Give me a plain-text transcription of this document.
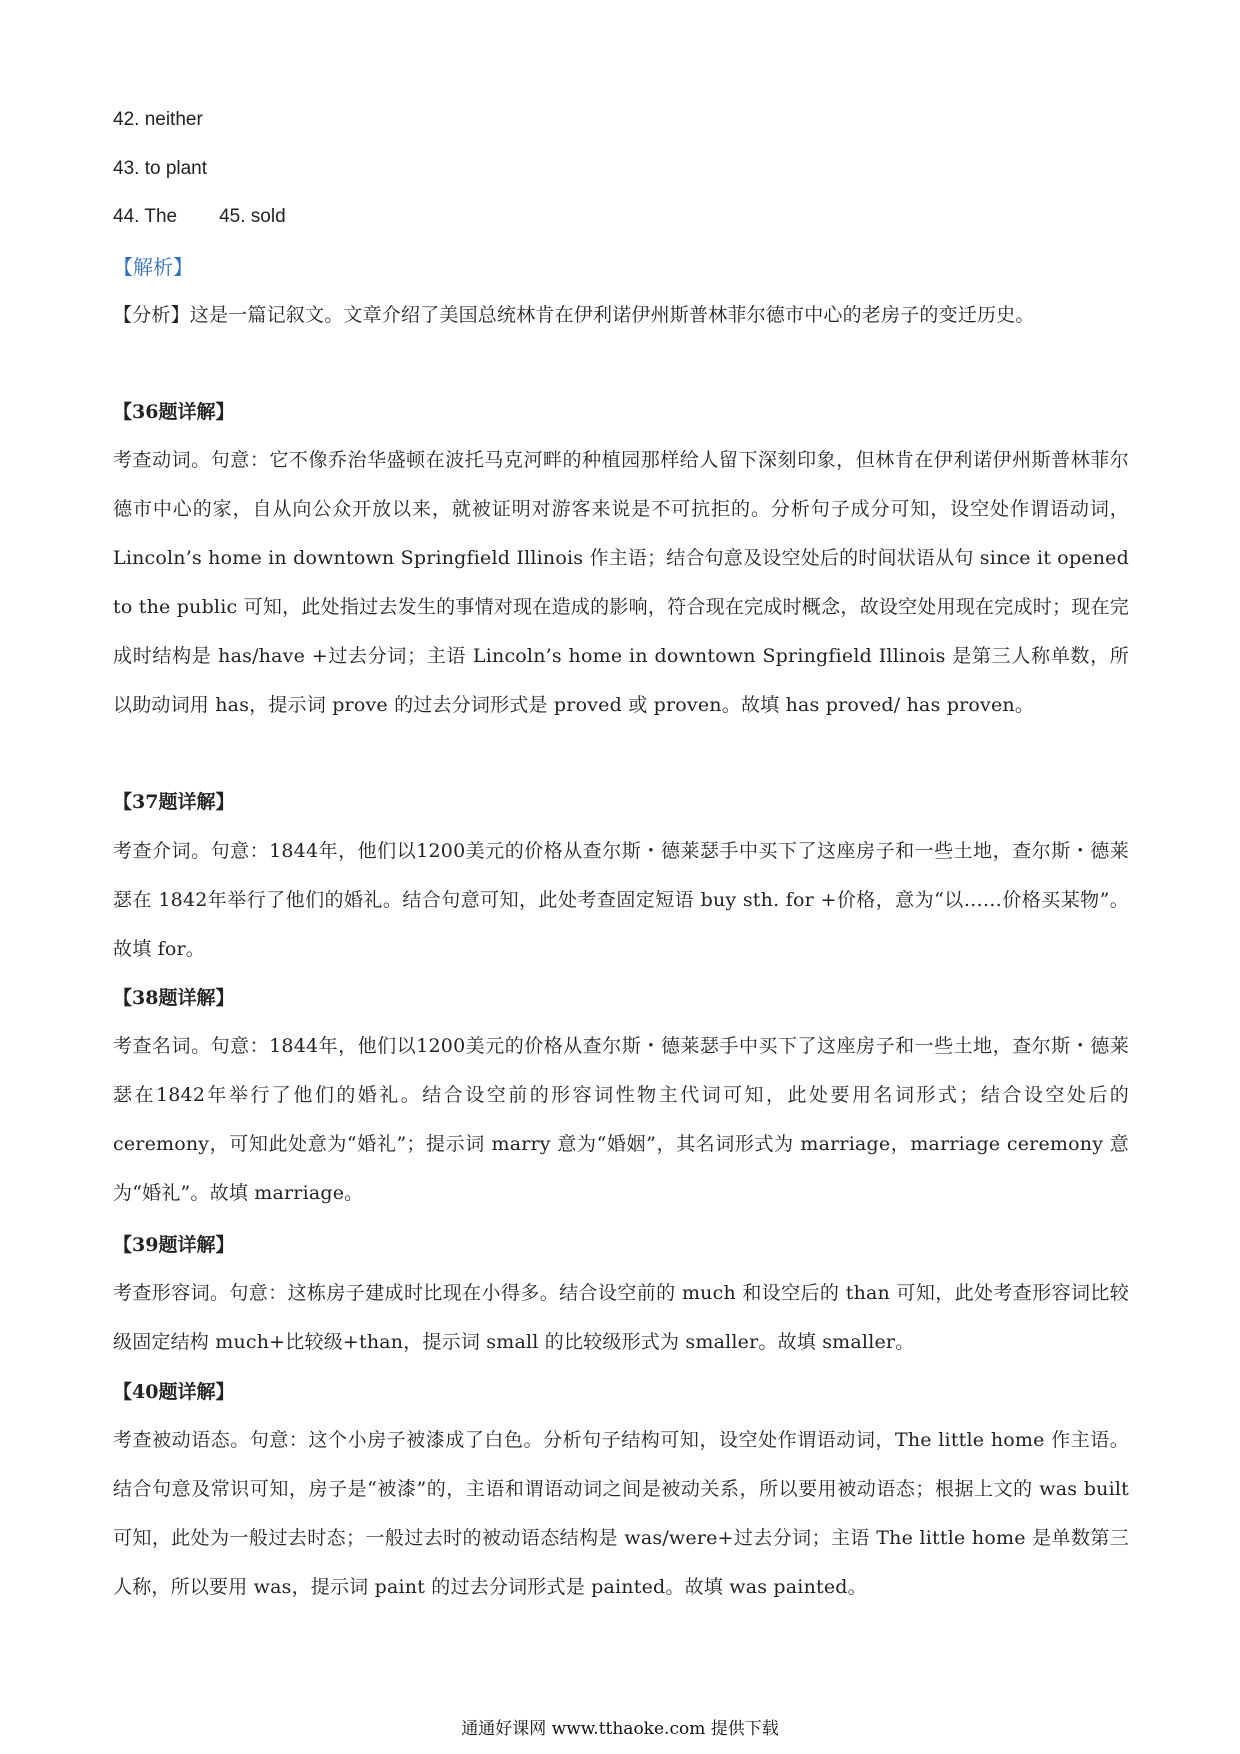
42. neither
43. to plant
44. The 45. sold
【解析】
【分析】这是一篇记叙文。文章介绍了美国总统林肯在伊利诺伊州斯普林菲尔德市中心的老房子的变迁历史。
【36题详解】
考查动词。句意：它不像乔治华盛顿在波托马克河畔的种植园那样给人留下深刻印象，但林肯在伊利诺伊州斯普林菲尔德市中心的家，自从向公众开放以来，就被证明对游客来说是不可抗拒的。分析句子成分可知，设空处作谓语动词，Lincoln’s home in downtown Springfield Illinois 作主语；结合句意及设空处后的时间状语从句 since it opened to the public 可知，此处指过去发生的事情对现在造成的影响，符合现在完成时概念，故设空处用现在完成时；现在完成时结构是 has/have +过去分词；主语 Lincoln’s home in downtown Springfield Illinois 是第三人称单数，所以助动词用 has，提示词 prove 的过去分词形式是 proved 或 proven。故填 has proved/ has proven。
【37题详解】
考查介词。句意：1844年，他们以1200美元的价格从查尔斯・德莱瑟手中买下了这座房子和一些土地，查尔斯・德莱瑟在 1842年举行了他们的婚礼。结合句意可知，此处考查固定短语 buy sth. for +价格，意为“以……价格买某物”。故填 for。
【38题详解】
考查名词。句意：1844年，他们以1200美元的价格从查尔斯・德莱瑟手中买下了这座房子和一些土地，查尔斯・德莱瑟在1842年举行了他们的婚礼。结合设空前的形容词性物主代词可知，此处要用名词形式；结合设空处后的 ceremony，可知此处意为“婚礼”；提示词 marry 意为“婚姻”，其名词形式为 marriage，marriage ceremony 意为“婚礼”。故填 marriage。
【39题详解】
考查形容词。句意：这栋房子建成时比现在小得多。结合设空前的 much 和设空后的 than 可知，此处考查形容词比较级固定结构 much+比较级+than，提示词 small 的比较级形式为 smaller。故填 smaller。
【40题详解】
考查被动语态。句意：这个小房子被漆成了白色。分析句子结构可知，设空处作谓语动词，The little home 作主语。结合句意及常识可知，房子是“被漆”的，主语和谓语动词之间是被动关系，所以要用被动语态；根据上文的 was built 可知，此处为一般过去时态；一般过去时的被动语态结构是 was/were+过去分词；主语 The little home 是单数第三人称，所以要用 was，提示词 paint 的过去分词形式是 painted。故填 was painted。
通通好课网 www.tthaoke.com 提供下载
